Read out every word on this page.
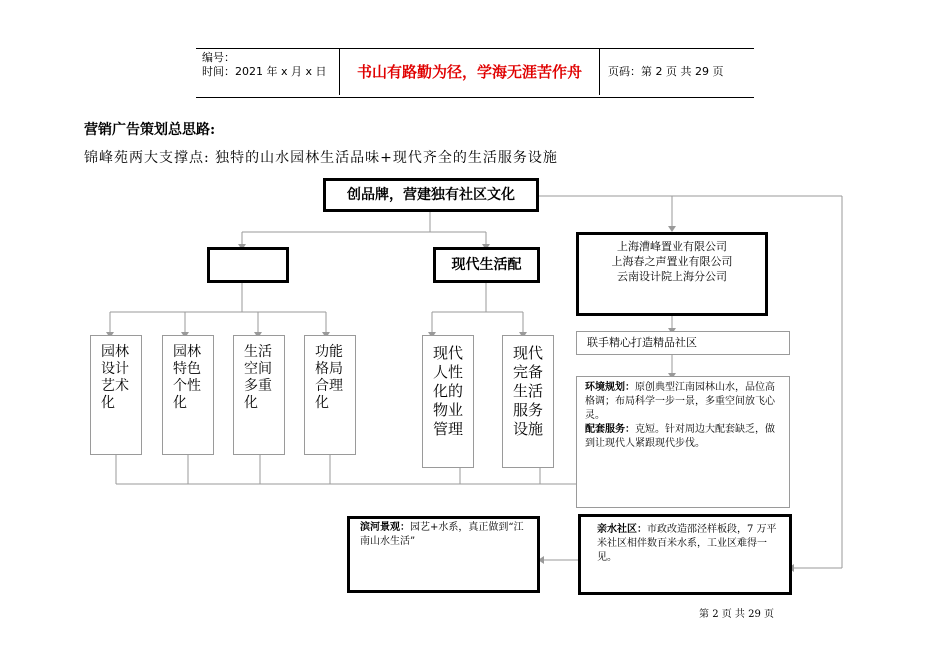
编号：
时间：2021 年 x 月 x 日	书山有路勤为径，学海无涯苦作舟	页码：第 2 页 共 29 页
营销广告策划总思路:
锦峰苑两大支撑点: 独特的山水园林生活品味+现代齐全的生活服务设施
创品牌，营建独有社区文化
现代生活配
上海漕峰置业有限公司
上海春之声置业有限公司
云南设计院上海分公司
联手精心打造精品社区
环境规划：原创典型江南园林山水，品位高格调；布局科学一步一景，多重空间放飞心灵。
配套服务：克短。针对周边大配套缺乏，做到让现代人紧跟现代步伐。
园林设计艺术化
园林特色个性化
生活空间多重化
功能格局合理化
现代人性化的物业管理
现代完备生活服务设施
滨河景观：园艺+水系，真正做到“江南山水生活”
亲水社区：市政改造邵泾样板段，7 万平米社区相伴数百米水系，工业区难得一见。
第 2 页 共 29 页
